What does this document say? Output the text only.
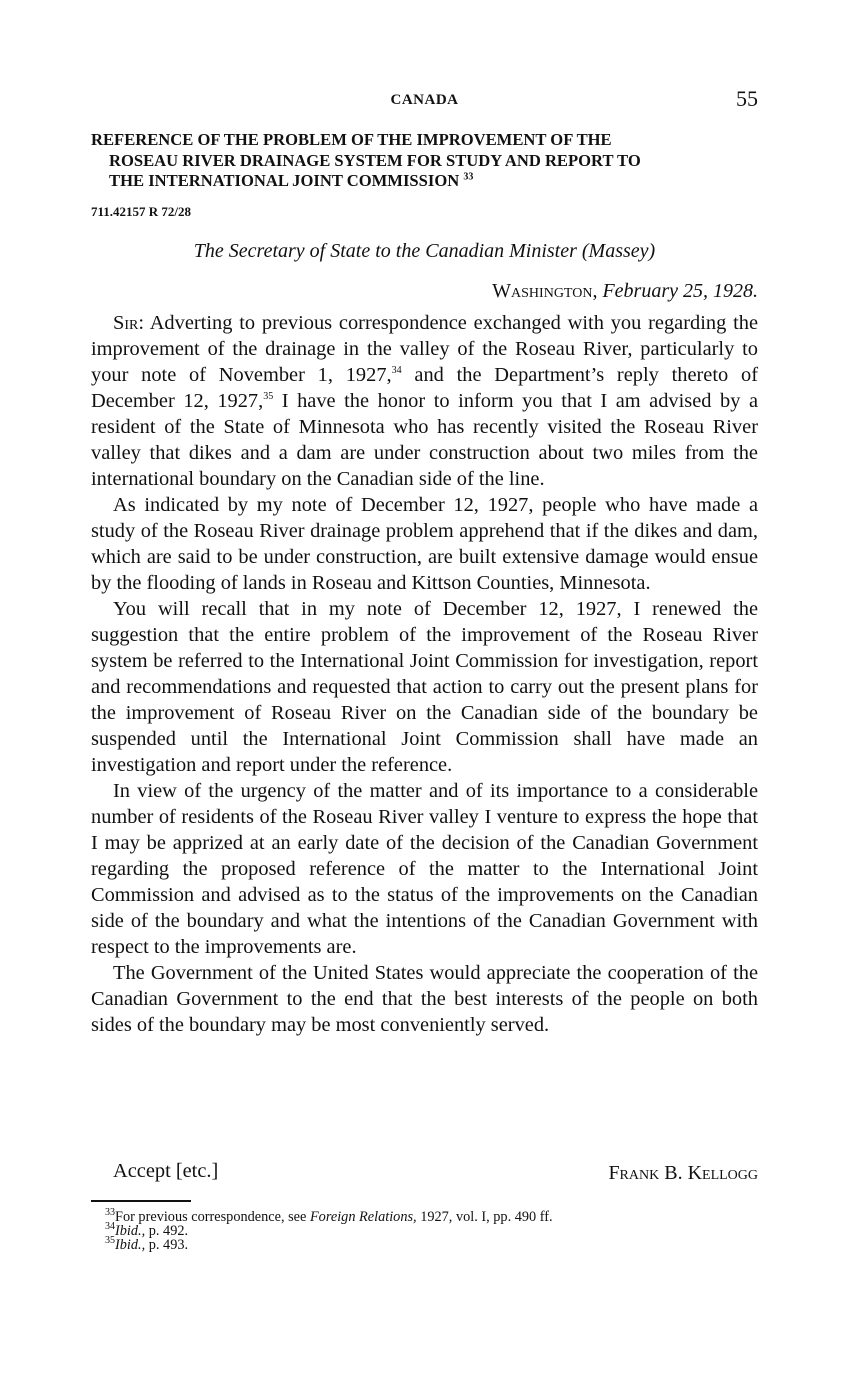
CANADA	55
REFERENCE OF THE PROBLEM OF THE IMPROVEMENT OF THE
ROSEAU RIVER DRAINAGE SYSTEM FOR STUDY AND REPORT TO
THE INTERNATIONAL JOINT COMMISSION $^{33}$
711.42157 R 72/28
The Secretary of State to the Canadian Minister (Massey)
Washington, February 25, 1928.

Sir: Adverting to previous correspondence exchanged with you regarding the improvement of the drainage in the valley of the Roseau River, particularly to your note of November 1, 1927,34 and the Department’s reply thereto of December 12, 1927,35 I have the honor to inform you that I am advised by a resident of the State of Minnesota who has recently visited the Roseau River valley that dikes and a dam are under construction about two miles from the international boundary on the Canadian side of the line.

As indicated by my note of December 12, 1927, people who have made a study of the Roseau River drainage problem apprehend that if the dikes and dam, which are said to be under construction, are built extensive damage would ensue by the flooding of lands in Roseau and Kittson Counties, Minnesota.

You will recall that in my note of December 12, 1927, I renewed the suggestion that the entire problem of the improvement of the Roseau River system be referred to the International Joint Commission for investigation, report and recommendations and requested that action to carry out the present plans for the improvement of Roseau River on the Canadian side of the boundary be suspended until the International Joint Commission shall have made an investigation and report under the reference.

In view of the urgency of the matter and of its importance to a considerable number of residents of the Roseau River valley I venture to express the hope that I may be apprized at an early date of the decision of the Canadian Government regarding the proposed reference of the matter to the International Joint Commission and advised as to the status of the improvements on the Canadian side of the boundary and what the intentions of the Canadian Government with respect to the improvements are.

The Government of the United States would appreciate the cooperation of the Canadian Government to the end that the best interests of the people on both sides of the boundary may be most conveniently served.

Accept [etc.]	Frank B. Kellogg
$^{33}$For previous correspondence, see Foreign Relations, 1927, vol. I, pp. 490 ff.
$^{34}$Ibid., p. 492.
$^{35}$Ibid., p. 493.
